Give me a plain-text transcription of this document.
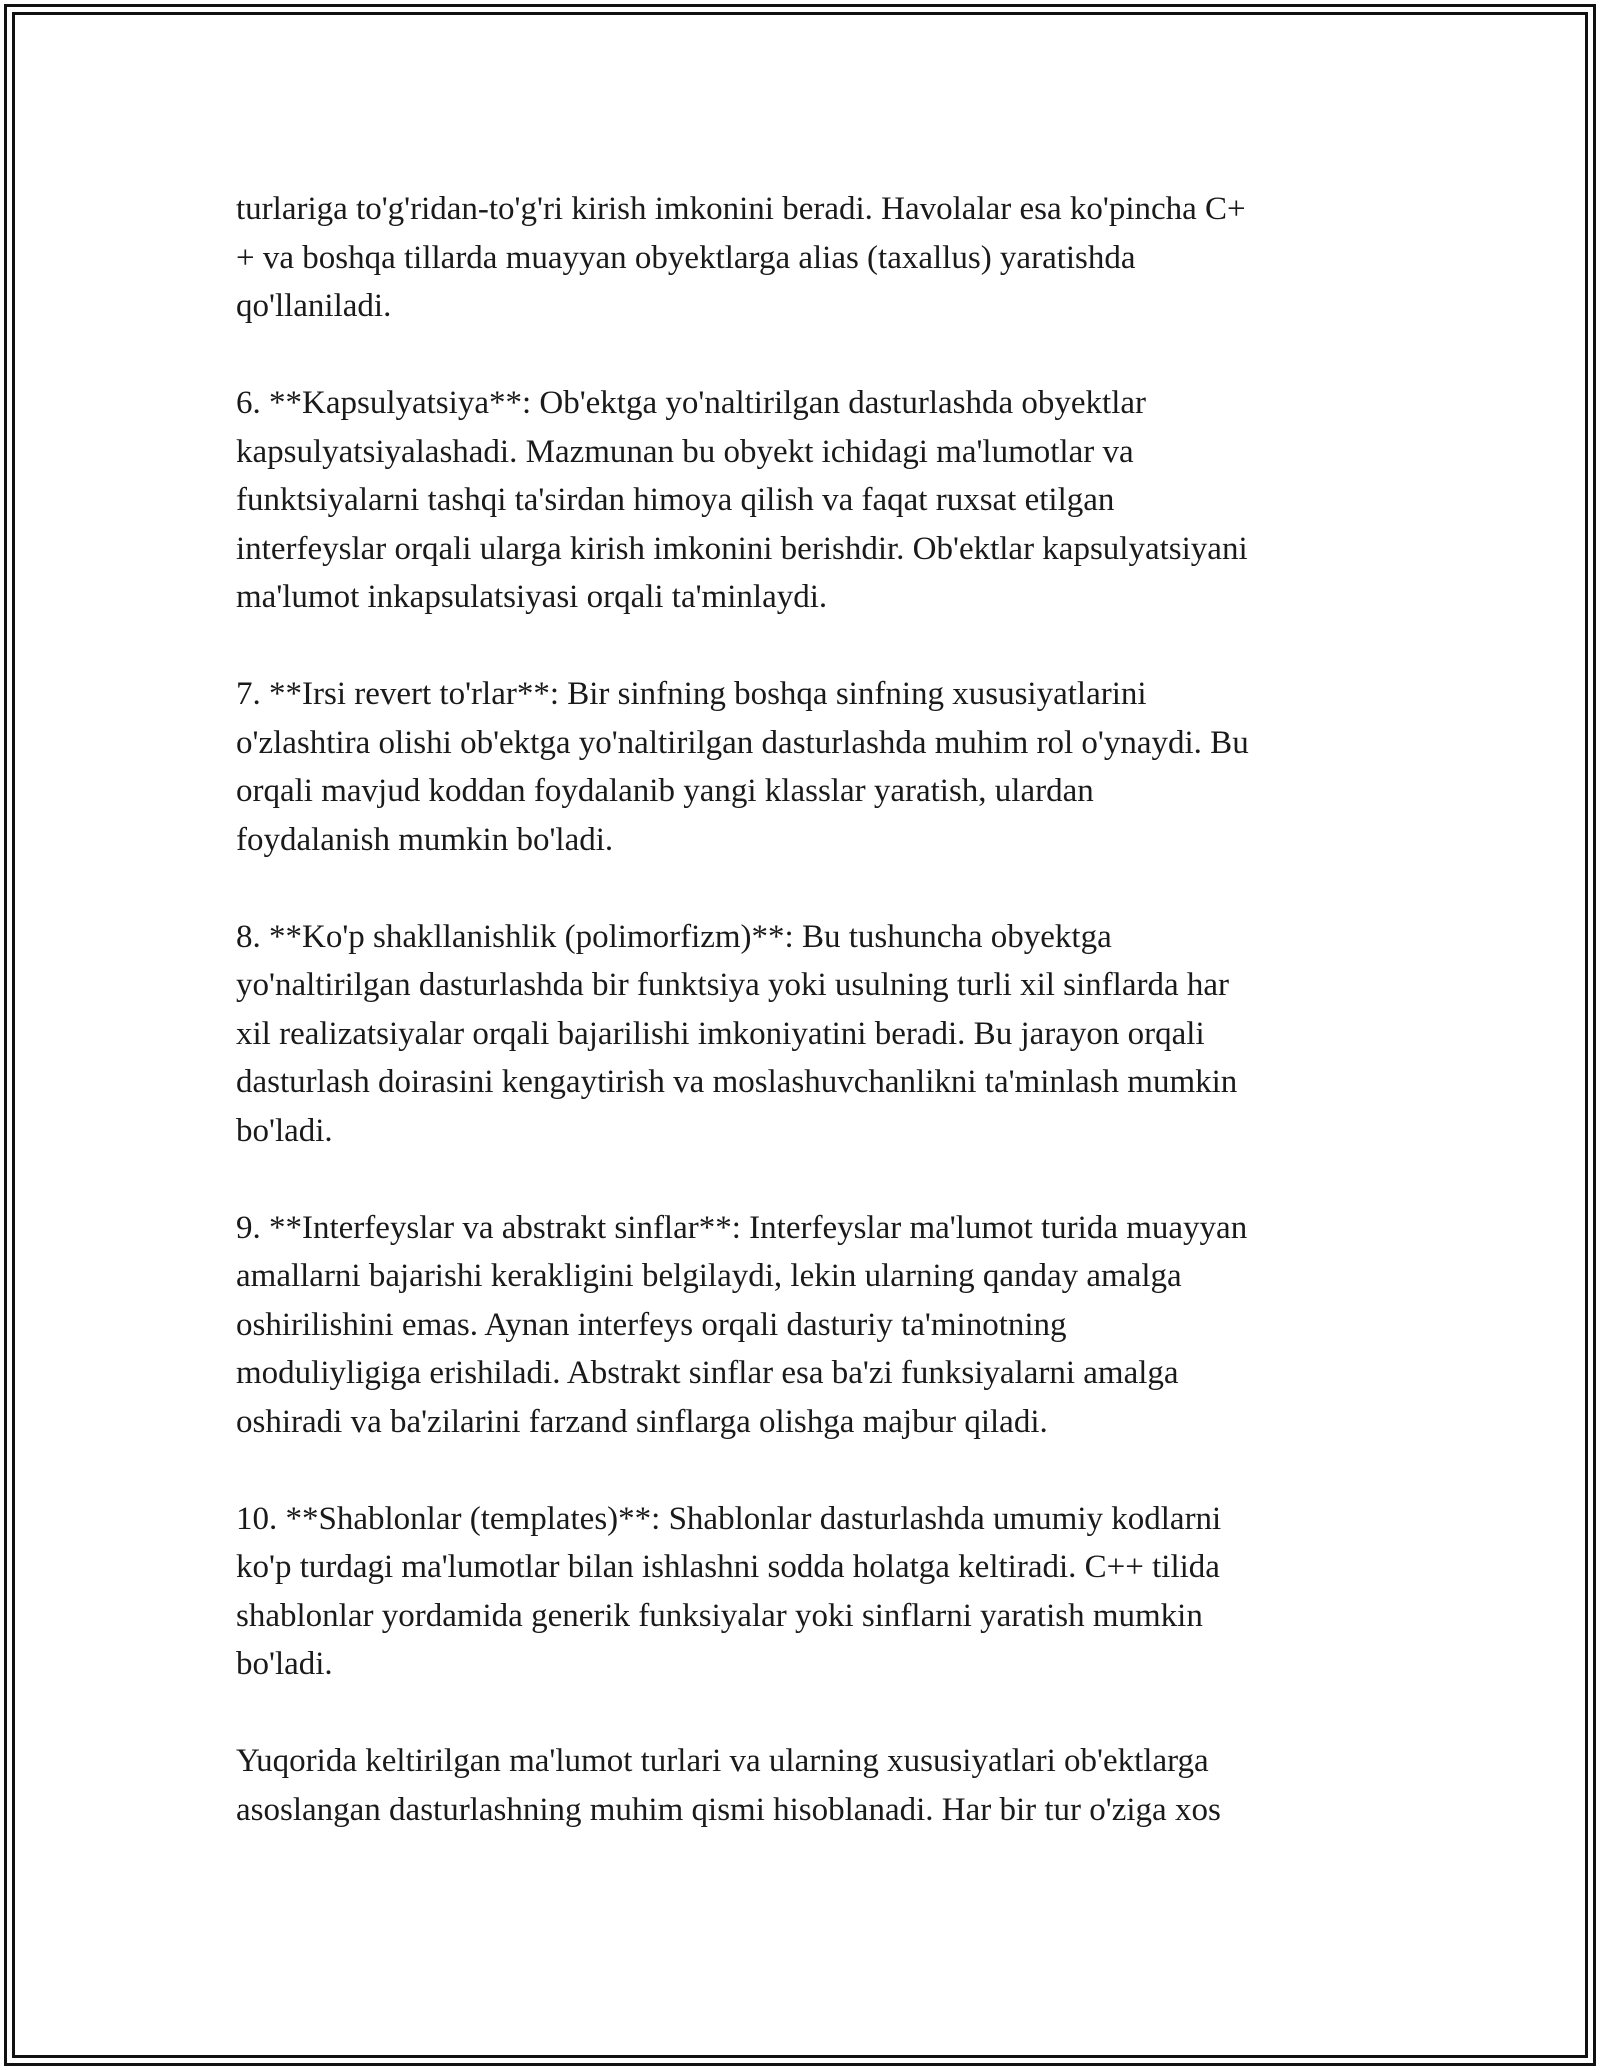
turlariga to'g'ridan-to'g'ri kirish imkonini beradi. Havolalar esa ko'pincha C+
+ va boshqa tillarda muayyan obyektlarga alias (taxallus) yaratishda
qo'llaniladi.
6. **Kapsulyatsiya**: Ob'ektga yo'naltirilgan dasturlashda obyektlar
kapsulyatsiyalashadi. Mazmunan bu obyekt ichidagi ma'lumotlar va
funktsiyalarni tashqi ta'sirdan himoya qilish va faqat ruxsat etilgan
interfeyslar orqali ularga kirish imkonini berishdir. Ob'ektlar kapsulyatsiyani
ma'lumot inkapsulatsiyasi orqali ta'minlaydi.
7. **Irsi revert to'rlar**: Bir sinfning boshqa sinfning xususiyatlarini
o'zlashtira olishi ob'ektga yo'naltirilgan dasturlashda muhim rol o'ynaydi. Bu
orqali mavjud koddan foydalanib yangi klasslar yaratish, ulardan
foydalanish mumkin bo'ladi.
8. **Ko'p shakllanishlik (polimorfizm)**: Bu tushuncha obyektga
yo'naltirilgan dasturlashda bir funktsiya yoki usulning turli xil sinflarda har
xil realizatsiyalar orqali bajarilishi imkoniyatini beradi. Bu jarayon orqali
dasturlash doirasini kengaytirish va moslashuvchanlikni ta'minlash mumkin
bo'ladi.
9. **Interfeyslar va abstrakt sinflar**: Interfeyslar ma'lumot turida muayyan
amallarni bajarishi kerakligini belgilaydi, lekin ularning qanday amalga
oshirilishini emas. Aynan interfeys orqali dasturiy ta'minotning
moduliyligiga erishiladi. Abstrakt sinflar esa ba'zi funksiyalarni amalga
oshiradi va ba'zilarini farzand sinflarga olishga majbur qiladi.
10. **Shablonlar (templates)**: Shablonlar dasturlashda umumiy kodlarni
ko'p turdagi ma'lumotlar bilan ishlashni sodda holatga keltiradi. C++ tilida
shablonlar yordamida generik funksiyalar yoki sinflarni yaratish mumkin
bo'ladi.
Yuqorida keltirilgan ma'lumot turlari va ularning xususiyatlari ob'ektlarga
asoslangan dasturlashning muhim qismi hisoblanadi. Har bir tur o'ziga xos
